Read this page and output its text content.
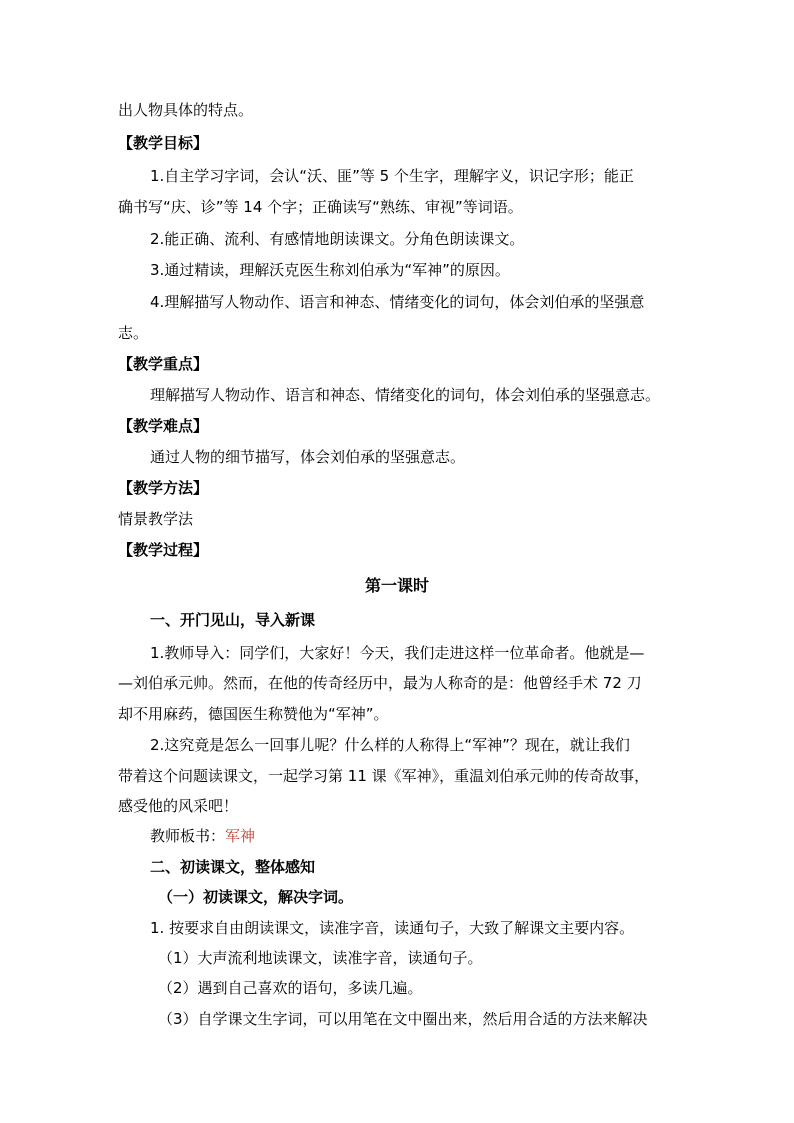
出人物具体的特点。
【教学目标】
1.自主学习字词，会认“沃、匪”等 5 个生字，理解字义，识记字形；能正
确书写“庆、诊”等 14 个字；正确读写“熟练、审视”等词语。
2.能正确、流利、有感情地朗读课文。分角色朗读课文。
3.通过精读，理解沃克医生称刘伯承为“军神”的原因。
4.理解描写人物动作、语言和神态、情绪变化的词句，体会刘伯承的坚强意
志。
【教学重点】
理解描写人物动作、语言和神态、情绪变化的词句，体会刘伯承的坚强意志。
【教学难点】
通过人物的细节描写，体会刘伯承的坚强意志。
【教学方法】
情景教学法
【教学过程】
第一课时
一、开门见山，导入新课
1.教师导入：同学们，大家好！今天，我们走进这样一位革命者。他就是—
—刘伯承元帅。然而，在他的传奇经历中，最为人称奇的是：他曾经手术 72 刀
却不用麻药，德国医生称赞他为“军神”。
2.这究竟是怎么一回事儿呢？什么样的人称得上“军神”？现在，就让我们
带着这个问题读课文，一起学习第 11 课《军神》，重温刘伯承元帅的传奇故事，
感受他的风采吧！
教师板书：军神
二、初读课文，整体感知
（一）初读课文，解决字词。
1. 按要求自由朗读课文，读准字音，读通句子，大致了解课文主要内容。
（1）大声流利地读课文，读准字音，读通句子。
（2）遇到自己喜欢的语句，多读几遍。
（3）自学课文生字词，可以用笔在文中圈出来，然后用合适的方法来解决
